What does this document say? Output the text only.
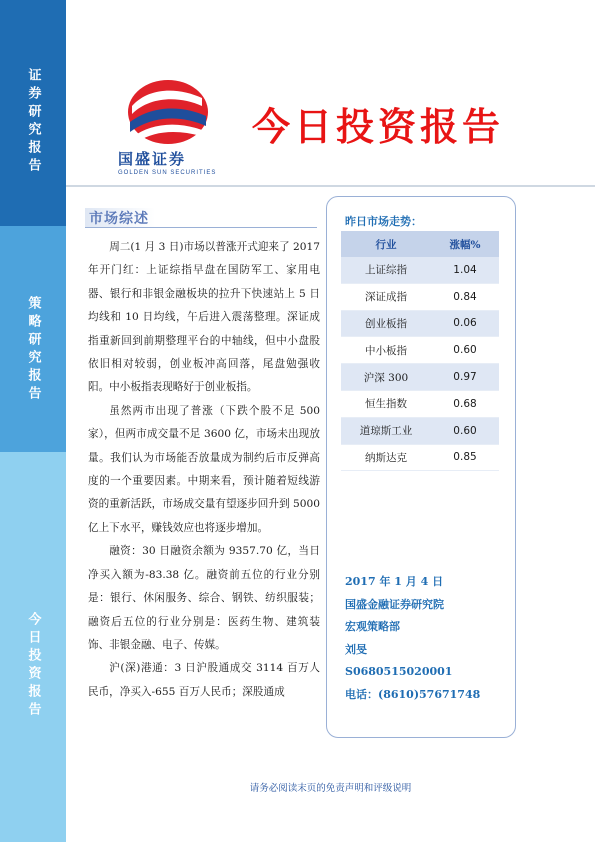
证券研究报告
策略研究报告
今日投资报告
国盛证券
GOLDEN SUN SECURITIES
今日投资报告
市场综述

周二(1 月 3 日)市场以普涨开式迎来了 2017 年开门红：上证综指早盘在国防军工、家用电器、银行和非银金融板块的拉升下快速站上 5 日均线和 10 日均线，午后进入震荡整理。深证成指重新回到前期整理平台的中轴线，但中小盘股依旧相对较弱，创业板冲高回落，尾盘勉强收阳。中小板指表现略好于创业板指。

虽然两市出现了普涨（下跌个股不足 500 家），但两市成交量不足 3600 亿，市场未出现放量。我们认为市场能否放量成为制约后市反弹高度的一个重要因素。中期来看，预计随着短线游资的重新活跃，市场成交量有望逐步回升到 5000 亿上下水平，赚钱效应也将逐步增加。

融资：30 日融资余额为 9357.70 亿，当日净买入额为-83.38 亿。融资前五位的行业分别是：银行、休闲服务、综合、钢铁、纺织服装；融资后五位的行业分别是：医药生物、建筑装饰、非银金融、电子、传媒。

沪(深)港通：3 日沪股通成交 3114 百万人民币，净买入-655 百万人民币；深股通成

昨日市场走势：
行业	涨幅%
上证综指	1.04
深证成指	0.84
创业板指	0.06
中小板指	0.60
沪深 300	0.97
恒生指数	0.68
道琼斯工业	0.60
纳斯达克	0.85
2017 年 1 月 4 日
国盛金融证券研究院
宏观策略部
刘旻
S0680515020001
电话：(8610)57671748
请务必阅读末页的免责声明和评级说明
